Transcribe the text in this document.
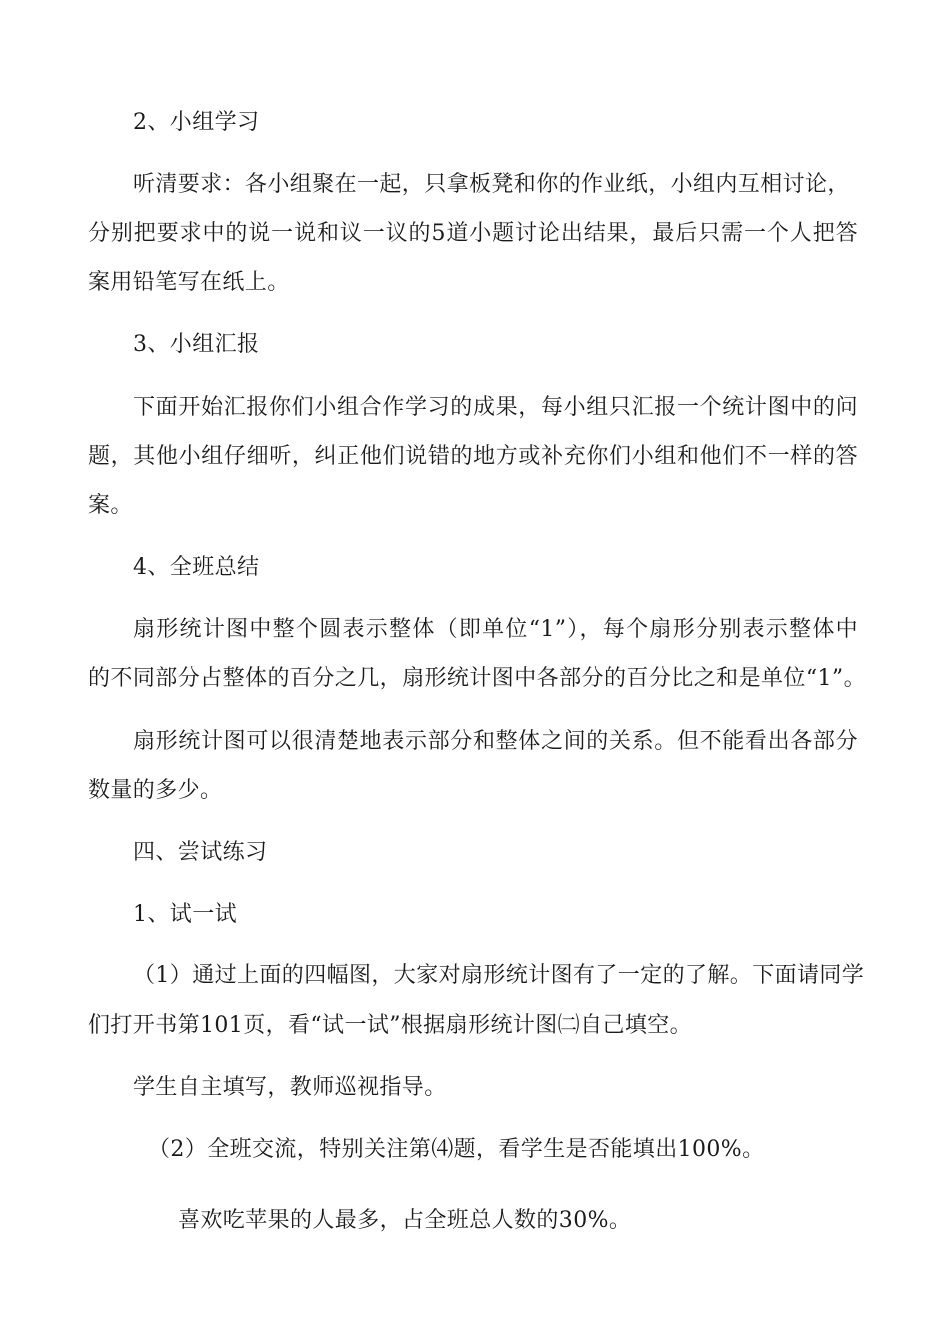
2、小组学习
听清要求：各小组聚在一起，只拿板凳和你的作业纸，小组内互相讨论，
分别把要求中的说一说和议一议的5道小题讨论出结果，最后只需一个人把答
案用铅笔写在纸上。
3、小组汇报
下面开始汇报你们小组合作学习的成果，每小组只汇报一个统计图中的问
题，其他小组仔细听，纠正他们说错的地方或补充你们小组和他们不一样的答
案。
4、全班总结
扇形统计图中整个圆表示整体（即单位“1”），每个扇形分别表示整体中
的不同部分占整体的百分之几，扇形统计图中各部分的百分比之和是单位“1”。
扇形统计图可以很清楚地表示部分和整体之间的关系。但不能看出各部分
数量的多少。
四、尝试练习
1、试一试
（1）通过上面的四幅图，大家对扇形统计图有了一定的了解。下面请同学
们打开书第101页，看“试一试”根据扇形统计图㈡自己填空。
学生自主填写，教师巡视指导。
（2）全班交流，特别关注第⑷题，看学生是否能填出100%。
喜欢吃苹果的人最多，占全班总人数的30%。
